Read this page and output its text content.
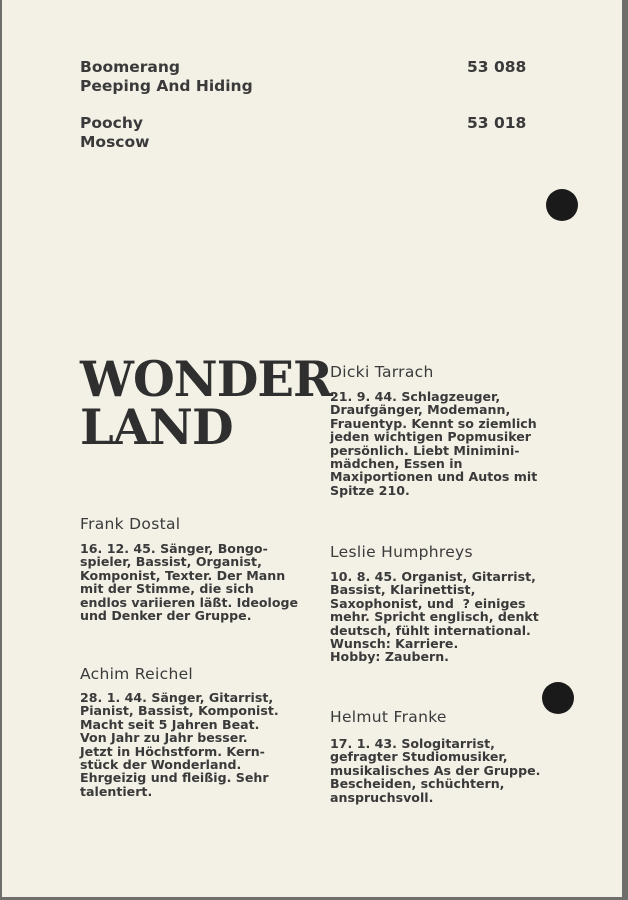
Boomerang
Peeping And Hiding
53 088
Poochy
Moscow
53 018
WONDER
LAND
Frank Dostal
16. 12. 45. Sänger, Bongo-
spieler, Bassist, Organist,
Komponist, Texter. Der Mann
mit der Stimme, die sich
endlos variieren läßt. Ideologe
und Denker der Gruppe.
Achim Reichel
28. 1. 44. Sänger, Gitarrist,
Pianist, Bassist, Komponist.
Macht seit 5 Jahren Beat.
Von Jahr zu Jahr besser.
Jetzt in Höchstform. Kern-
stück der Wonderland.
Ehrgeizig und fleißig. Sehr
talentiert.
Dicki Tarrach
21. 9. 44. Schlagzeuger,
Draufgänger, Modemann,
Frauentyp. Kennt so ziemlich
jeden wichtigen Popmusiker
persönlich. Liebt Minimini-
mädchen, Essen in
Maxiportionen und Autos mit
Spitze 210.
Leslie Humphreys
10. 8. 45. Organist, Gitarrist,
Bassist, Klarinettist,
Saxophonist, und  ? einiges
mehr. Spricht englisch, denkt
deutsch, fühlt international.
Wunsch: Karriere.
Hobby: Zaubern.
Helmut Franke
17. 1. 43. Sologitarrist,
gefragter Studiomusiker,
musikalisches As der Gruppe.
Bescheiden, schüchtern,
anspruchsvoll.
